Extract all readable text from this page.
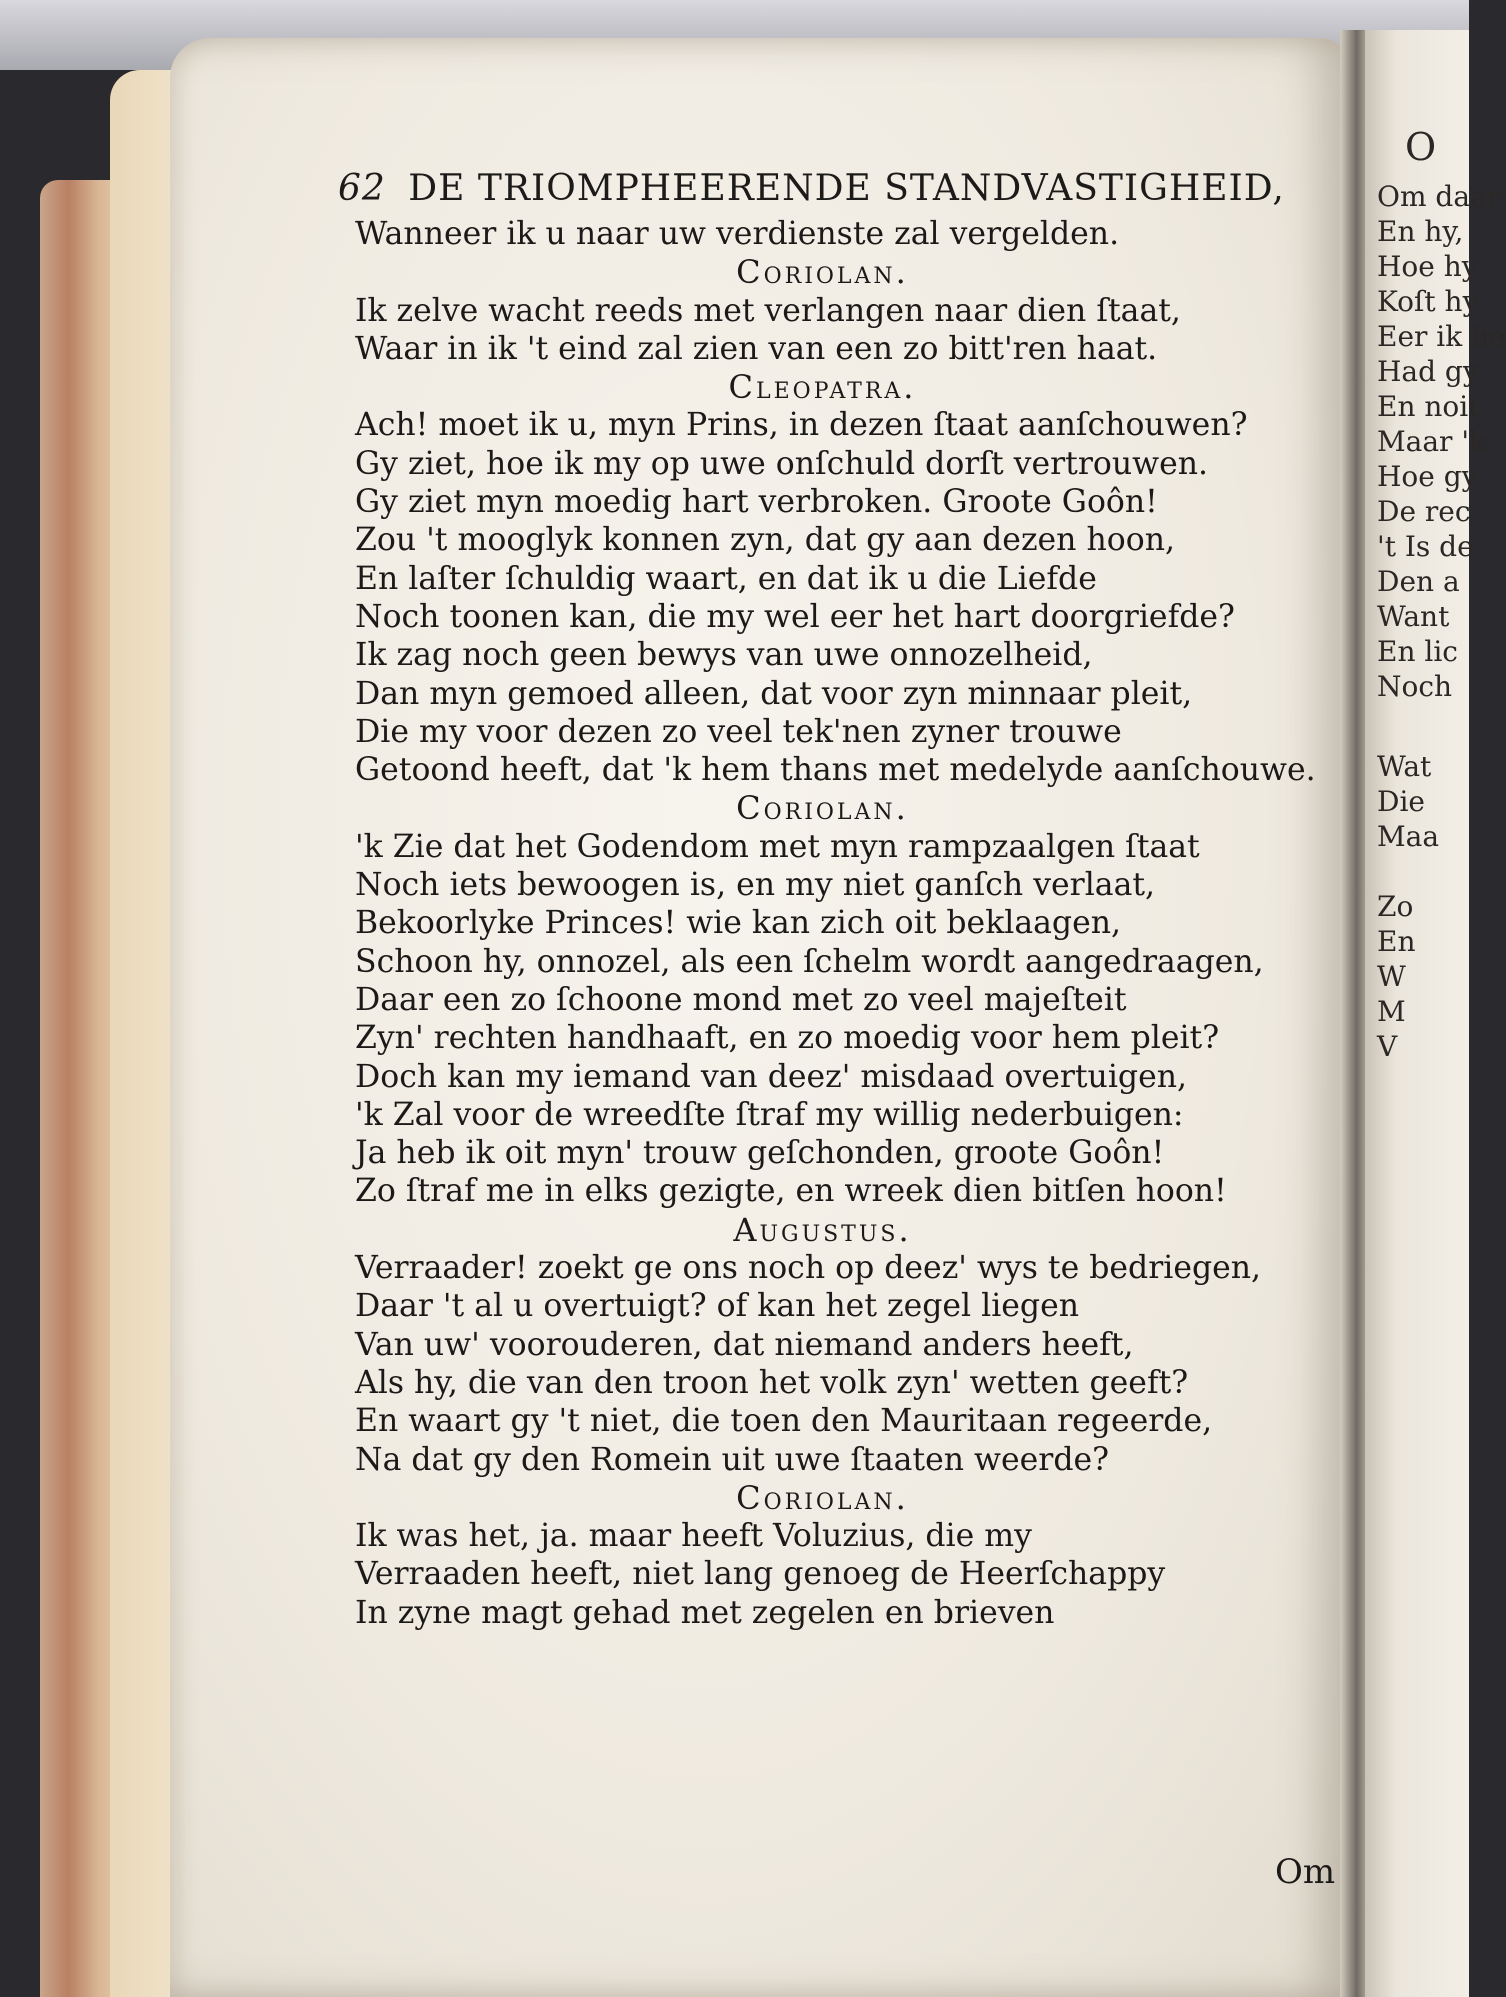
O
Om daar
En hy,
Hoe hy
Koſt hy
Eer ik he
Had gy
En noit
Maar 'k
Hoe gy
De rec
't Is de
Den a
Want
En lic
Noch
Wat
Die
Maa
Zo
En
W
M
V
62 DE TRIOMPHEERENDE STANDVASTIGHEID,
Wanneer ik u naar uw verdienste zal vergelden.
Coriolan.
Ik zelve wacht reeds met verlangen naar dien ſtaat,
Waar in ik 't eind zal zien van een zo bitt'ren haat.
Cleopatra.
Ach! moet ik u, myn Prins, in dezen ſtaat aanſchouwen?
Gy ziet, hoe ik my op uwe onſchuld dorſt vertrouwen.
Gy ziet myn moedig hart verbroken. Groote Goôn!
Zou 't mooglyk konnen zyn, dat gy aan dezen hoon,
En laſter ſchuldig waart, en dat ik u die Liefde
Noch toonen kan, die my wel eer het hart doorgriefde?
Ik zag noch geen bewys van uwe onnozelheid,
Dan myn gemoed alleen, dat voor zyn minnaar pleit,
Die my voor dezen zo veel tek'nen zyner trouwe
Getoond heeft, dat 'k hem thans met medelyde aanſchouwe.
Coriolan.
'k Zie dat het Godendom met myn rampzaalgen ſtaat
Noch iets bewoogen is, en my niet ganſch verlaat,
Bekoorlyke Princes! wie kan zich oit beklaagen,
Schoon hy, onnozel, als een ſchelm wordt aangedraagen,
Daar een zo ſchoone mond met zo veel majeſteit
Zyn' rechten handhaaft, en zo moedig voor hem pleit?
Doch kan my iemand van deez' misdaad overtuigen,
'k Zal voor de wreedſte ſtraf my willig nederbuigen:
Ja heb ik oit myn' trouw geſchonden, groote Goôn!
Zo ſtraf me in elks gezigte, en wreek dien bitſen hoon!
Augustus.
Verraader! zoekt ge ons noch op deez' wys te bedriegen,
Daar 't al u overtuigt? of kan het zegel liegen
Van uw' voorouderen, dat niemand anders heeft,
Als hy, die van den troon het volk zyn' wetten geeft?
En waart gy 't niet, die toen den Mauritaan regeerde,
Na dat gy den Romein uit uwe ſtaaten weerde?
Coriolan.
Ik was het, ja. maar heeft Voluzius, die my
Verraaden heeft, niet lang genoeg de Heerſchappy
In zyne magt gehad met zegelen en brieven
Om
